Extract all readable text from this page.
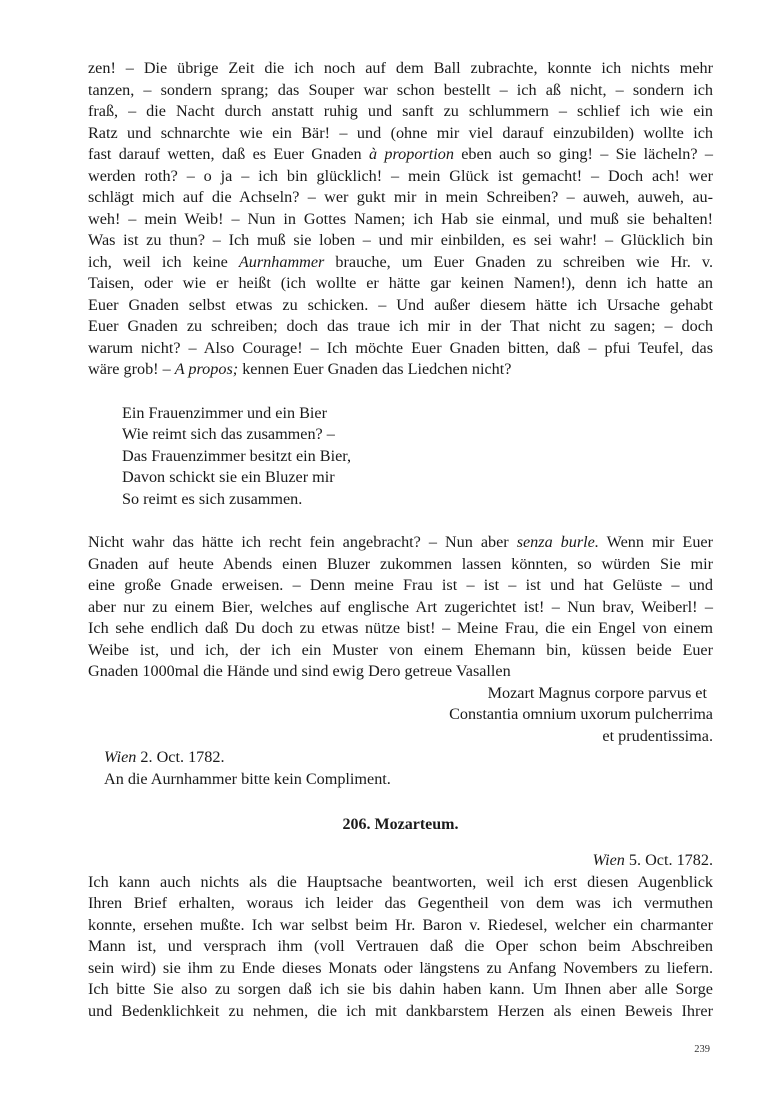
zen! – Die übrige Zeit die ich noch auf dem Ball zubrachte, konnte ich nichts mehr

tanzen, – sondern sprang; das Souper war schon bestellt – ich aß nicht, – sondern ich

fraß, – die Nacht durch anstatt ruhig und sanft zu schlummern – schlief ich wie ein

Ratz und schnarchte wie ein Bär! – und (ohne mir viel darauf einzubilden) wollte ich

fast darauf wetten, daß es Euer Gnaden à proportion eben auch so ging! – Sie lächeln? –

werden roth? – o ja – ich bin glücklich! – mein Glück ist gemacht! – Doch ach! wer

schlägt mich auf die Achseln? – wer gukt mir in mein Schreiben? – auweh, auweh, au-

weh! – mein Weib! – Nun in Gottes Namen; ich Hab sie einmal, und muß sie behalten!

Was ist zu thun? – Ich muß sie loben – und mir einbilden, es sei wahr! – Glücklich bin

ich, weil ich keine Aurnhammer brauche, um Euer Gnaden zu schreiben wie Hr. v.

Taisen, oder wie er heißt (ich wollte er hätte gar keinen Namen!), denn ich hatte an

Euer Gnaden selbst etwas zu schicken. – Und außer diesem hätte ich Ursache gehabt

Euer Gnaden zu schreiben; doch das traue ich mir in der That nicht zu sagen; – doch

warum nicht? – Also Courage! – Ich möchte Euer Gnaden bitten, daß – pfui Teufel, das

wäre grob! – A propos; kennen Euer Gnaden das Liedchen nicht?

Ein Frauenzimmer und ein Bier

Wie reimt sich das zusammen? –

Das Frauenzimmer besitzt ein Bier,

Davon schickt sie ein Bluzer mir

So reimt es sich zusammen.

Nicht wahr das hätte ich recht fein angebracht? – Nun aber senza burle. Wenn mir Euer

Gnaden auf heute Abends einen Bluzer zukommen lassen könnten, so würden Sie mir

eine große Gnade erweisen. – Denn meine Frau ist – ist – ist und hat Gelüste – und

aber nur zu einem Bier, welches auf englische Art zugerichtet ist! – Nun brav, Weiberl! –

Ich sehe endlich daß Du doch zu etwas nütze bist! – Meine Frau, die ein Engel von einem

Weibe ist, und ich, der ich ein Muster von einem Ehemann bin, küssen beide Euer

Gnaden 1000mal die Hände und sind ewig Dero getreue Vasallen

Mozart Magnus corpore parvus et

Constantia omnium uxorum pulcherrima

et prudentissima.

Wien 2. Oct. 1782.

An die Aurnhammer bitte kein Compliment.

206. Mozarteum.
Wien 5. Oct. 1782.

Ich kann auch nichts als die Hauptsache beantworten, weil ich erst diesen Augenblick

Ihren Brief erhalten, woraus ich leider das Gegentheil von dem was ich vermuthen

konnte, ersehen mußte. Ich war selbst beim Hr. Baron v. Riedesel, welcher ein charmanter

Mann ist, und versprach ihm (voll Vertrauen daß die Oper schon beim Abschreiben

sein wird) sie ihm zu Ende dieses Monats oder längstens zu Anfang Novembers zu liefern.

Ich bitte Sie also zu sorgen daß ich sie bis dahin haben kann. Um Ihnen aber alle Sorge

und Bedenklichkeit zu nehmen, die ich mit dankbarstem Herzen als einen Beweis Ihrer

239
